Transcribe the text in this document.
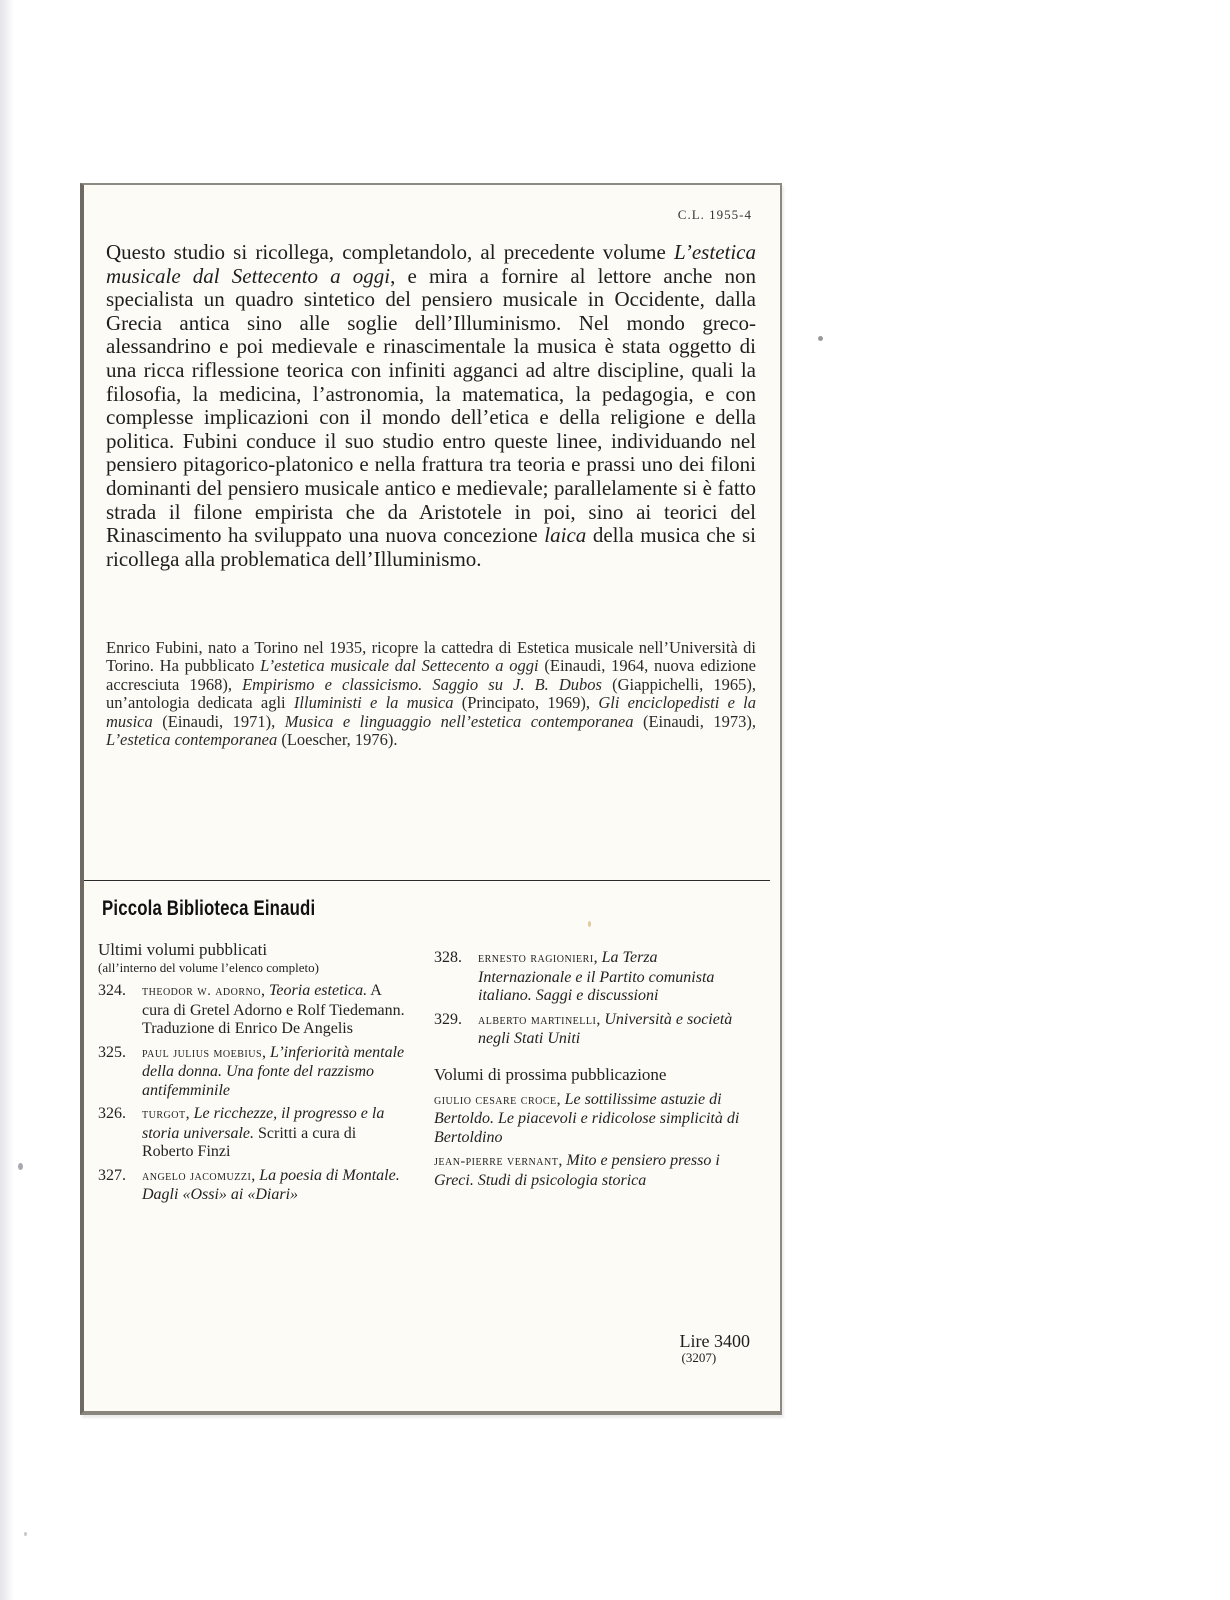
C.L. 1955-4

Questo studio si ricollega, completandolo, al precedente volume L’estetica musicale dal Settecento a oggi, e mira a fornire al lettore anche non specialista un quadro sintetico del pensiero musicale in Occidente, dalla Grecia antica sino alle soglie dell’Illuminismo. Nel mondo greco-alessandrino e poi medievale e rinascimentale la musica è stata oggetto di una ricca riflessione teorica con infiniti agganci ad altre discipline, quali la filosofia, la medicina, l’astronomia, la matematica, la pedagogia, e con complesse implicazioni con il mondo dell’etica e della religione e della politica. Fubini conduce il suo studio entro queste linee, individuando nel pensiero pitagorico-platonico e nella frattura tra teoria e prassi uno dei filoni dominanti del pensiero musicale antico e medievale; parallelamente si è fatto strada il filone empirista che da Aristotele in poi, sino ai teorici del Rinascimento ha sviluppato una nuova concezione laica della musica che si ricollega alla problematica dell’Illuminismo.

Enrico Fubini, nato a Torino nel 1935, ricopre la cattedra di Estetica musicale nell’Università di Torino. Ha pubblicato L’estetica musicale dal Settecento a oggi (Einaudi, 1964, nuova edizione accresciuta 1968), Empirismo e classicismo. Saggio su J. B. Dubos (Giappichelli, 1965), un’antologia dedicata agli Illuministi e la musica (Principato, 1969), Gli enciclopedisti e la musica (Einaudi, 1971), Musica e linguaggio nell’estetica contemporanea (Einaudi, 1973), L’estetica contemporanea (Loescher, 1976).

Piccola Biblioteca Einaudi
Ultimi volumi pubblicati
(all’interno del volume l’elenco completo)
324.	theodor w. adorno, Teoria estetica. A cura di Gretel Adorno e Rolf Tiedemann. Traduzione di Enrico De Angelis
325.	paul julius moebius, L’inferiorità mentale della donna. Una fonte del razzismo antifemminile
326.	turgot, Le ricchezze, il progresso e la storia universale. Scritti a cura di Roberto Finzi
327.	angelo jacomuzzi, La poesia di Montale. Dagli «Ossi» ai «Diari»
328.	ernesto ragionieri, La Terza Internazionale e il Partito comunista italiano. Saggi e discussioni
329.	alberto martinelli, Università e società negli Stati Uniti
Volumi di prossima pubblicazione
giulio cesare croce, Le sottilissime astuzie di Bertoldo. Le piacevoli e ridicolose simplicità di Bertoldino
jean-pierre vernant, Mito e pensiero presso i Greci. Studi di psicologia storica
Lire 3400
(3207)
